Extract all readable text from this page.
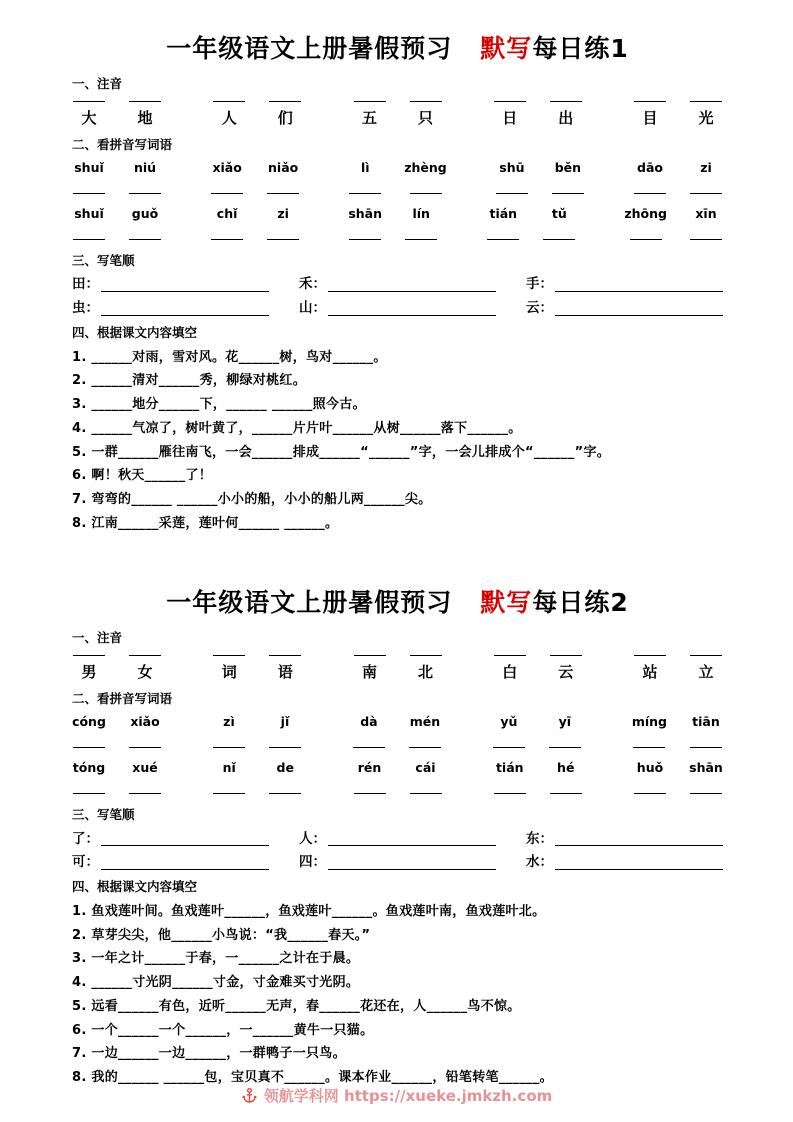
一年级语文上册暑假预习 默写每日练1
一、注音
大	地	人	们	五	只	日	出	目	光
二、看拼音写词语
shuǐ niú	xiǎo niǎo	lì	zhèng	shū běn	dāo	zi
shuǐ guǒ	chǐ	zi	shān lín	tián	tǔ	zhōng xīn
三、写笔顺
田：	禾：	手：
虫：	山：	云：
四、根据课文内容填空

1. ______对雨，雪对风。花______树，鸟对______。

2. ______清对______秀，柳绿对桃红。

3. ______地分______下，______ ______照今古。

4. ______气凉了，树叶黄了，______片片叶______从树______落下______。

5. 一群______雁往南飞，一会______排成______“______”字，一会儿排成个“______”字。

6. 啊！秋天______了！

7. 弯弯的______ ______小小的船，小小的船儿两______尖。

8. 江南______采莲，莲叶何______ ______。

一年级语文上册暑假预习 默写每日练2
一、注音
男	女	词	语	南	北	白	云	站	立
二、看拼音写词语
cóng xiǎo	zì	jǐ	dà	mén	yǔ	yī	míng tiān
tóng xué	nǐ	de	rén	cái	tián	hé	huǒ shān
三、写笔顺
了：	人：	东：
可：	四：	水：
四、根据课文内容填空

1. 鱼戏莲叶间。鱼戏莲叶______，鱼戏莲叶______。鱼戏莲叶南，鱼戏莲叶北。

2. 草芽尖尖，他______小鸟说：“我______春天。”

3. 一年之计______于春，一______之计在于晨。

4. ______寸光阴______寸金，寸金难买寸光阴。

5. 远看______有色，近听______无声，春______花还在，人______鸟不惊。

6. 一个______一个______，一______黄牛一只猫。

7. 一边______一边______，一群鸭子一只鸟。

8. 我的______ ______包，宝贝真不______。课本作业______，铅笔转笔______。

领航学科网 https://xueke.jmkzh.com
